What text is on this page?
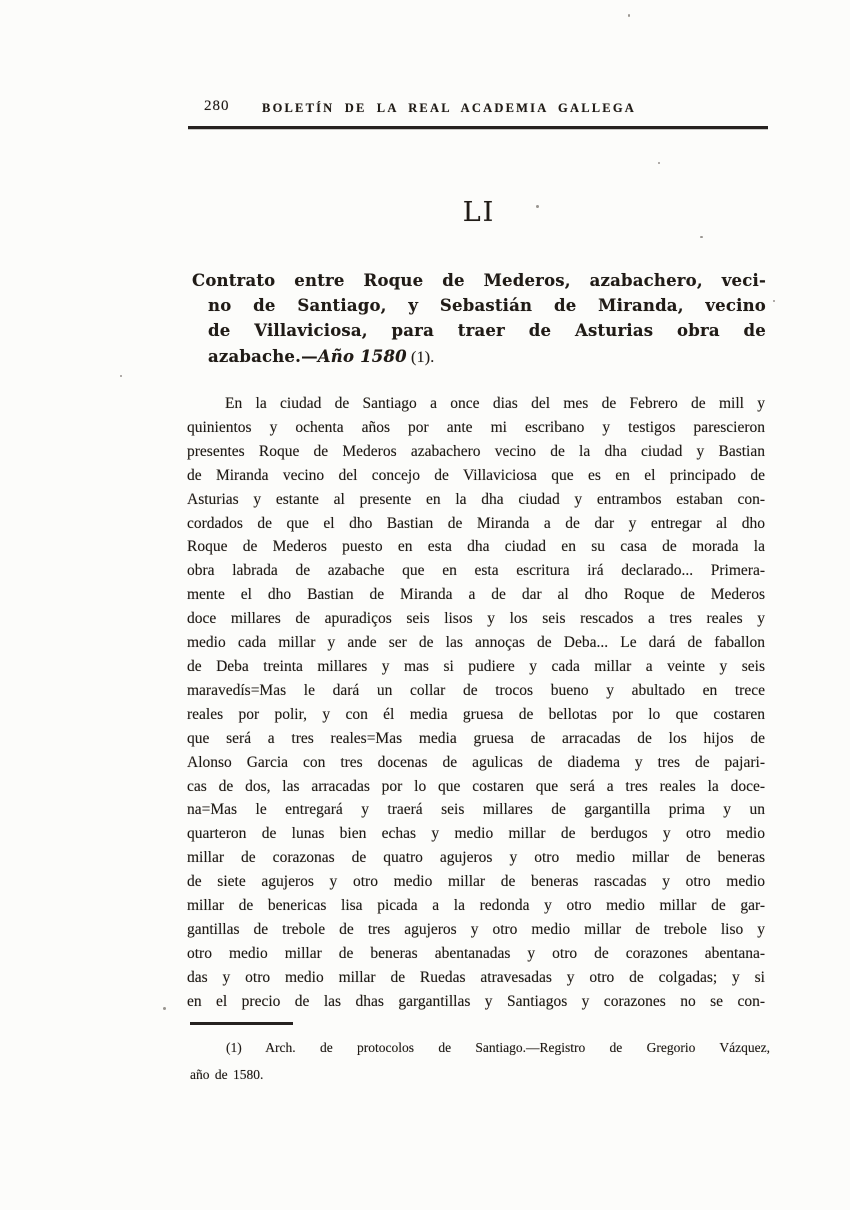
280	BOLETÍN DE LA REAL ACADEMIA GALLEGA
LI
Contrato entre Roque de Mederos, azabachero, veci-
no de Santiago, y Sebastián de Miranda, vecino
de Villaviciosa, para traer de Asturias obra de
azabache.—Año 1580 (1).
En la ciudad de Santiago a once dias del mes de Febrero de mill y
quinientos y ochenta años por ante mi escribano y testigos parescieron
presentes Roque de Mederos azabachero vecino de la dha ciudad y Bastian
de Miranda vecino del concejo de Villaviciosa que es en el principado de
Asturias y estante al presente en la dha ciudad y entrambos estaban con-
cordados de que el dho Bastian de Miranda a de dar y entregar al dho
Roque de Mederos puesto en esta dha ciudad en su casa de morada la
obra labrada de azabache que en esta escritura irá declarado... Primera-
mente el dho Bastian de Miranda a de dar al dho Roque de Mederos
doce millares de apuradiços seis lisos y los seis rescados a tres reales y
medio cada millar y ande ser de las annoças de Deba... Le dará de faballon
de Deba treinta millares y mas si pudiere y cada millar a veinte y seis
maravedís=Mas le dará un collar de trocos bueno y abultado en trece
reales por polir, y con él media gruesa de bellotas por lo que costaren
que será a tres reales=Mas media gruesa de arracadas de los hijos de
Alonso Garcia con tres docenas de agulicas de diadema y tres de pajari-
cas de dos, las arracadas por lo que costaren que será a tres reales la doce-
na=Mas le entregará y traerá seis millares de gargantilla prima y un
quarteron de lunas bien echas y medio millar de berdugos y otro medio
millar de corazonas de quatro agujeros y otro medio millar de beneras
de siete agujeros y otro medio millar de beneras rascadas y otro medio
millar de benericas lisa picada a la redonda y otro medio millar de gar-
gantillas de trebole de tres agujeros y otro medio millar de trebole liso y
otro medio millar de beneras abentanadas y otro de corazones abentana-
das y otro medio millar de Ruedas atravesadas y otro de colgadas; y si
en el precio de las dhas gargantillas y Santiagos y corazones no se con-
(1) Arch. de protocolos de Santiago.—Registro de Gregorio Vázquez,
año de 1580.
